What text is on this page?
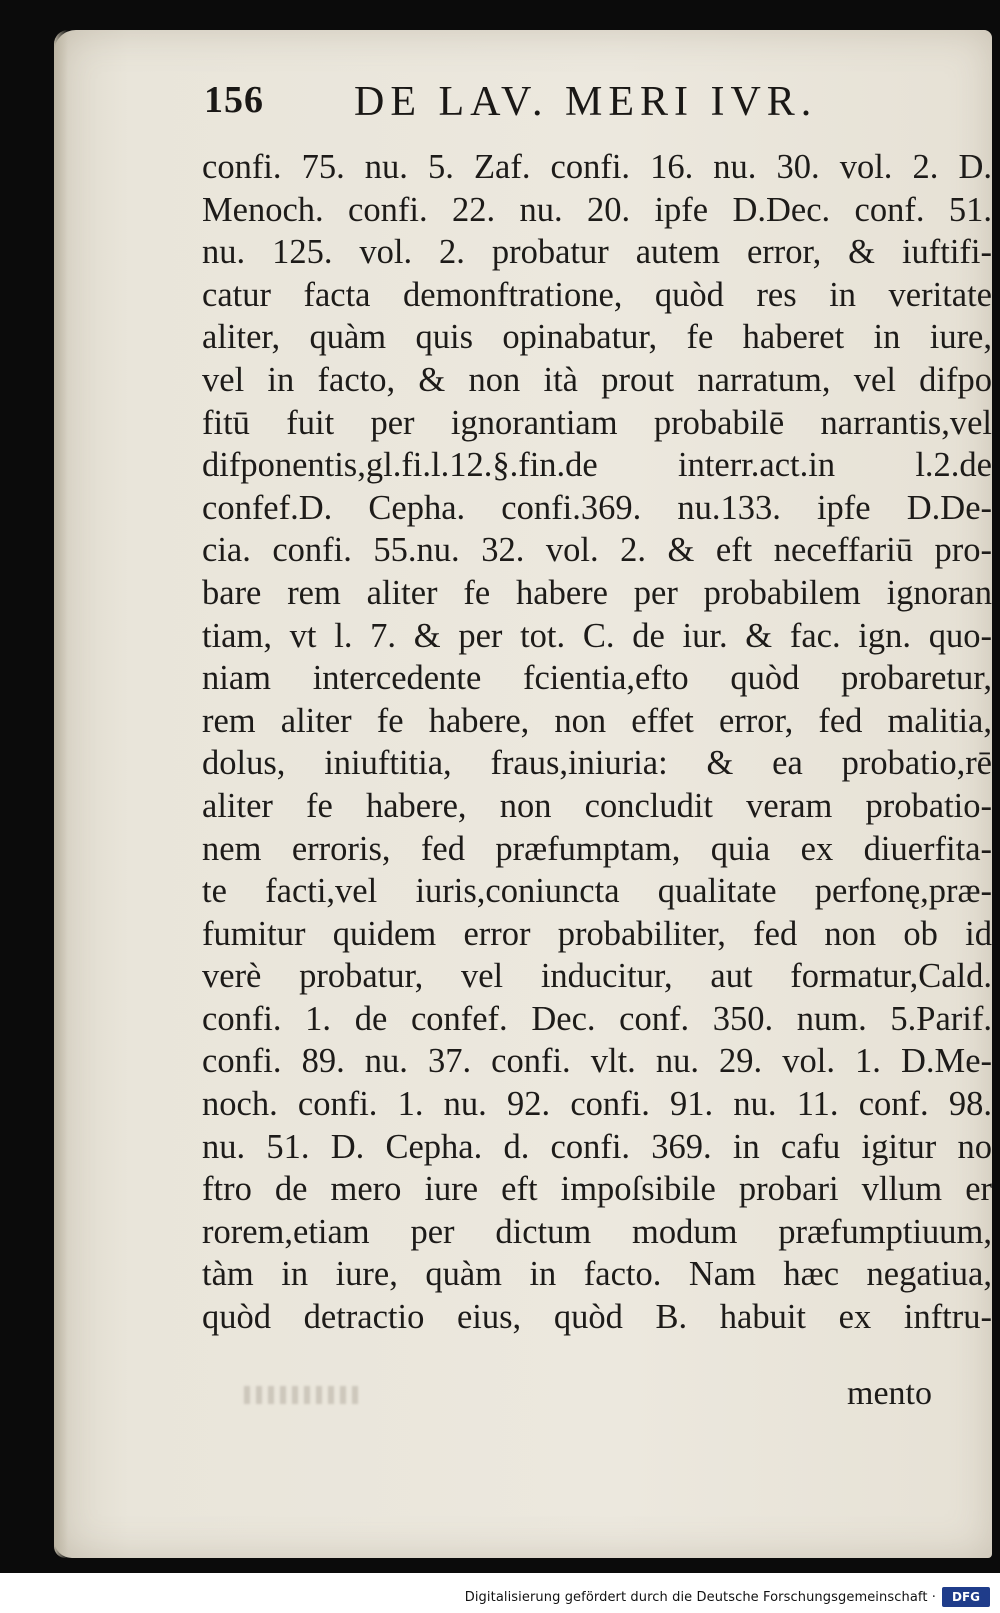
156 DE LAV. MERI IVR.
confi. 75. nu. 5. Zaf. confi. 16. nu. 30. vol. 2. D.
Menoch. confi. 22. nu. 20. ipfe D.Dec. conf. 51.
nu. 125. vol. 2. probatur autem error, & iuftifi-
catur facta demonftratione, quòd res in veritate
aliter, quàm quis opinabatur, fe haberet in iure,
vel in facto, & non ità prout narratum, vel difpo
fitū fuit per ignorantiam probabilē narrantis,vel
difponentis,gl.fi.l.12.§.fin.de interr.act.in l.2.de
confef.D. Cepha. confi.369. nu.133. ipfe D.De-
cia. confi. 55.nu. 32. vol. 2. & eft neceffariū pro-
bare rem aliter fe habere per probabilem ignoran
tiam, vt l. 7. & per tot. C. de iur. & fac. ign. quo-
niam intercedente fcientia,efto quòd probaretur,
rem aliter fe habere, non effet error, fed malitia,
dolus, iniuftitia, fraus,iniuria: & ea probatio,rē
aliter fe habere, non concludit veram probatio-
nem erroris, fed præfumptam, quia ex diuerfita-
te facti,vel iuris,coniuncta qualitate perfonę,præ-
fumitur quidem error probabiliter, fed non ob id
verè probatur, vel inducitur, aut formatur,Cald.
confi. 1. de confef. Dec. conf. 350. num. 5.Parif.
confi. 89. nu. 37. confi. vlt. nu. 29. vol. 1. D.Me-
noch. confi. 1. nu. 92. confi. 91. nu. 11. conf. 98.
nu. 51. D. Cepha. d. confi. 369. in cafu igitur no
ftro de mero iure eft impoſsibile probari vllum er
rorem,etiam per dictum modum præfumptiuum,
tàm in iure, quàm in facto. Nam hæc negatiua,
quòd detractio eius, quòd B. habuit ex inftru-
mento
Digitalisierung gefördert durch die Deutsche Forschungsgemeinschaft ·	DFG
